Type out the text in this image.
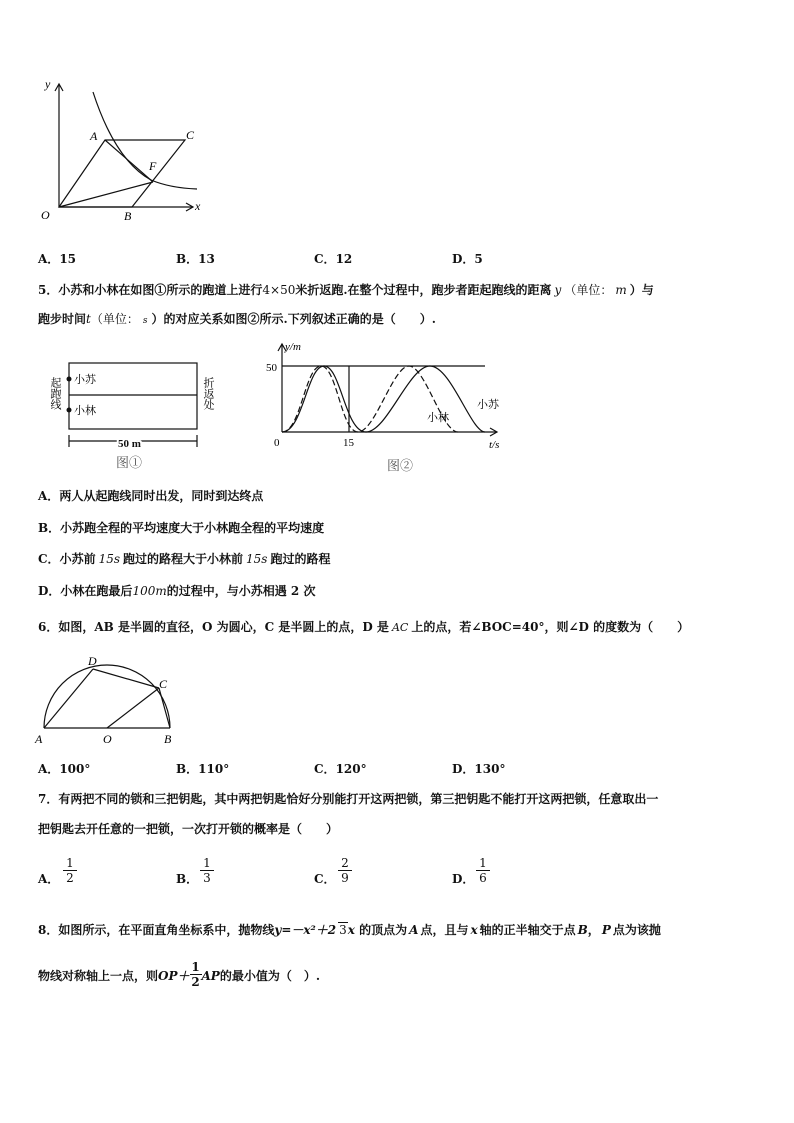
y
x
O
A
B
C
F
A．15	B．13	C．12	D．5
5．小苏和小林在如图①所示的跑道上进行4×50米折返跑.在整个过程中，跑步者距起跑线的距离 y （单位： m ）与
跑步时间t（单位： s ）的对应关系如图②所示.下列叙述正确的是（　　）.
小苏
小林
起跑线	折返处
50 m
图①
y/m
t/s
50
0	15
小林
小苏
图②
A．两人从起跑线同时出发，同时到达终点
B．小苏跑全程的平均速度大于小林跑全程的平均速度
C．小苏前 15s 跑过的路程大于小林前 15s 跑过的路程
D．小林在跑最后100m的过程中，与小苏相遇 2 次
6．如图，AB 是半圆的直径，O 为圆心，C 是半圆上的点，D 是 AC 上的点，若∠BOC=40°，则∠D 的度数为（　　）
A	B
C
D
O
A．100°	B．110°	C．120°	D．130°
7．有两把不同的锁和三把钥匙，其中两把钥匙恰好分别能打开这两把锁，第三把钥匙不能打开这两把锁，任意取出一
把钥匙去开任意的一把锁，一次打开锁的概率是（　　）
A． $\frac{1}{2}$	B． $\frac{1}{3}$	C． $\frac{2}{9}$	D． $\frac{1}{6}$
8．如图所示，在平面直角坐标系中，抛物线y=－x²＋2 3x 的顶点为 A 点，且与 x 轴的正半轴交于点 B， P 点为该抛
物线对称轴上一点，则$OP+ \frac{1}{2}$ AP的最小值为（　）.
